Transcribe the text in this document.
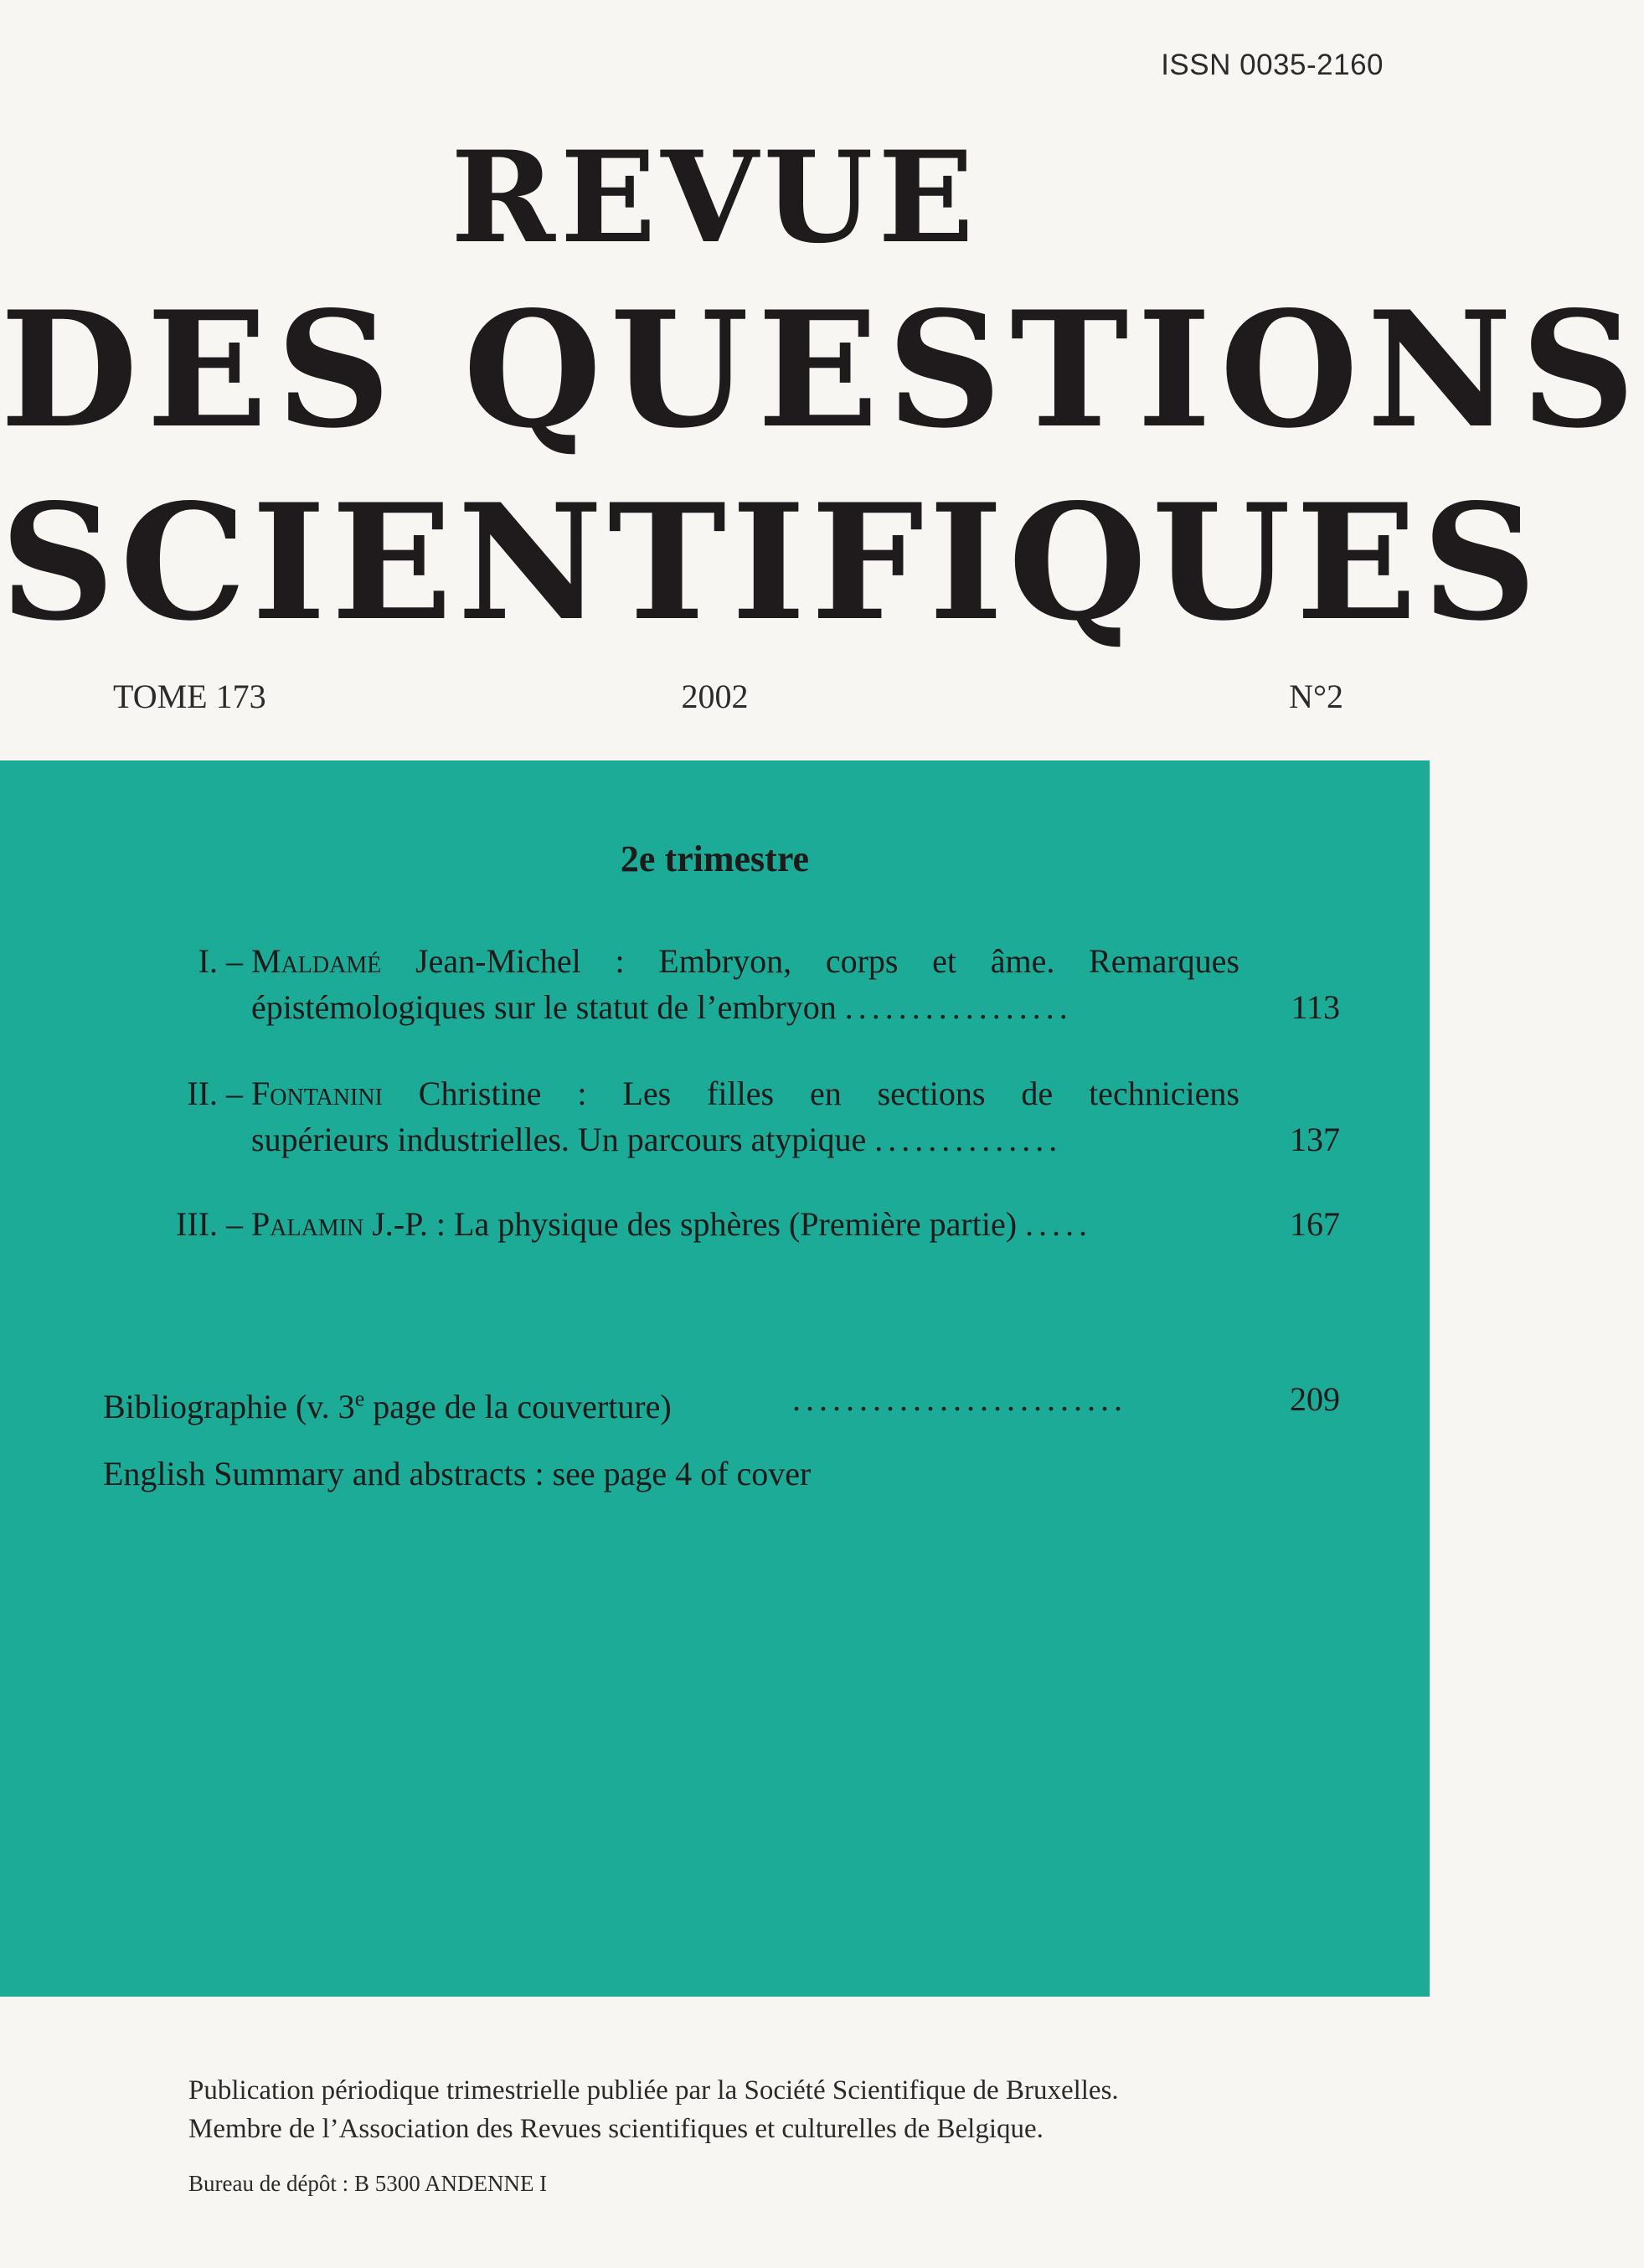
ISSN 0035-2160
REVUE
DES QUESTIONS
SCIENTIFIQUES
TOME 173	2002	N°2
2e trimestre
I. – Maldamé Jean-Michel : Embryon, corps et âme. Remarques
épistémologiques sur le statut de l’embryon .................	113
II. – Fontanini Christine : Les filles en sections de techniciens
supérieurs industrielles. Un parcours atypique ..............	137
III. – Palamin J.-P. : La physique des sphères (Première partie) .....	167
Bibliographie (v. 3e page de la couverture)	.........................	209
English Summary and abstracts : see page 4 of cover
Publication périodique trimestrielle publiée par la Société Scientifique de Bruxelles.
Membre de l’Association des Revues scientifiques et culturelles de Belgique.
Bureau de dépôt : B 5300 ANDENNE I
